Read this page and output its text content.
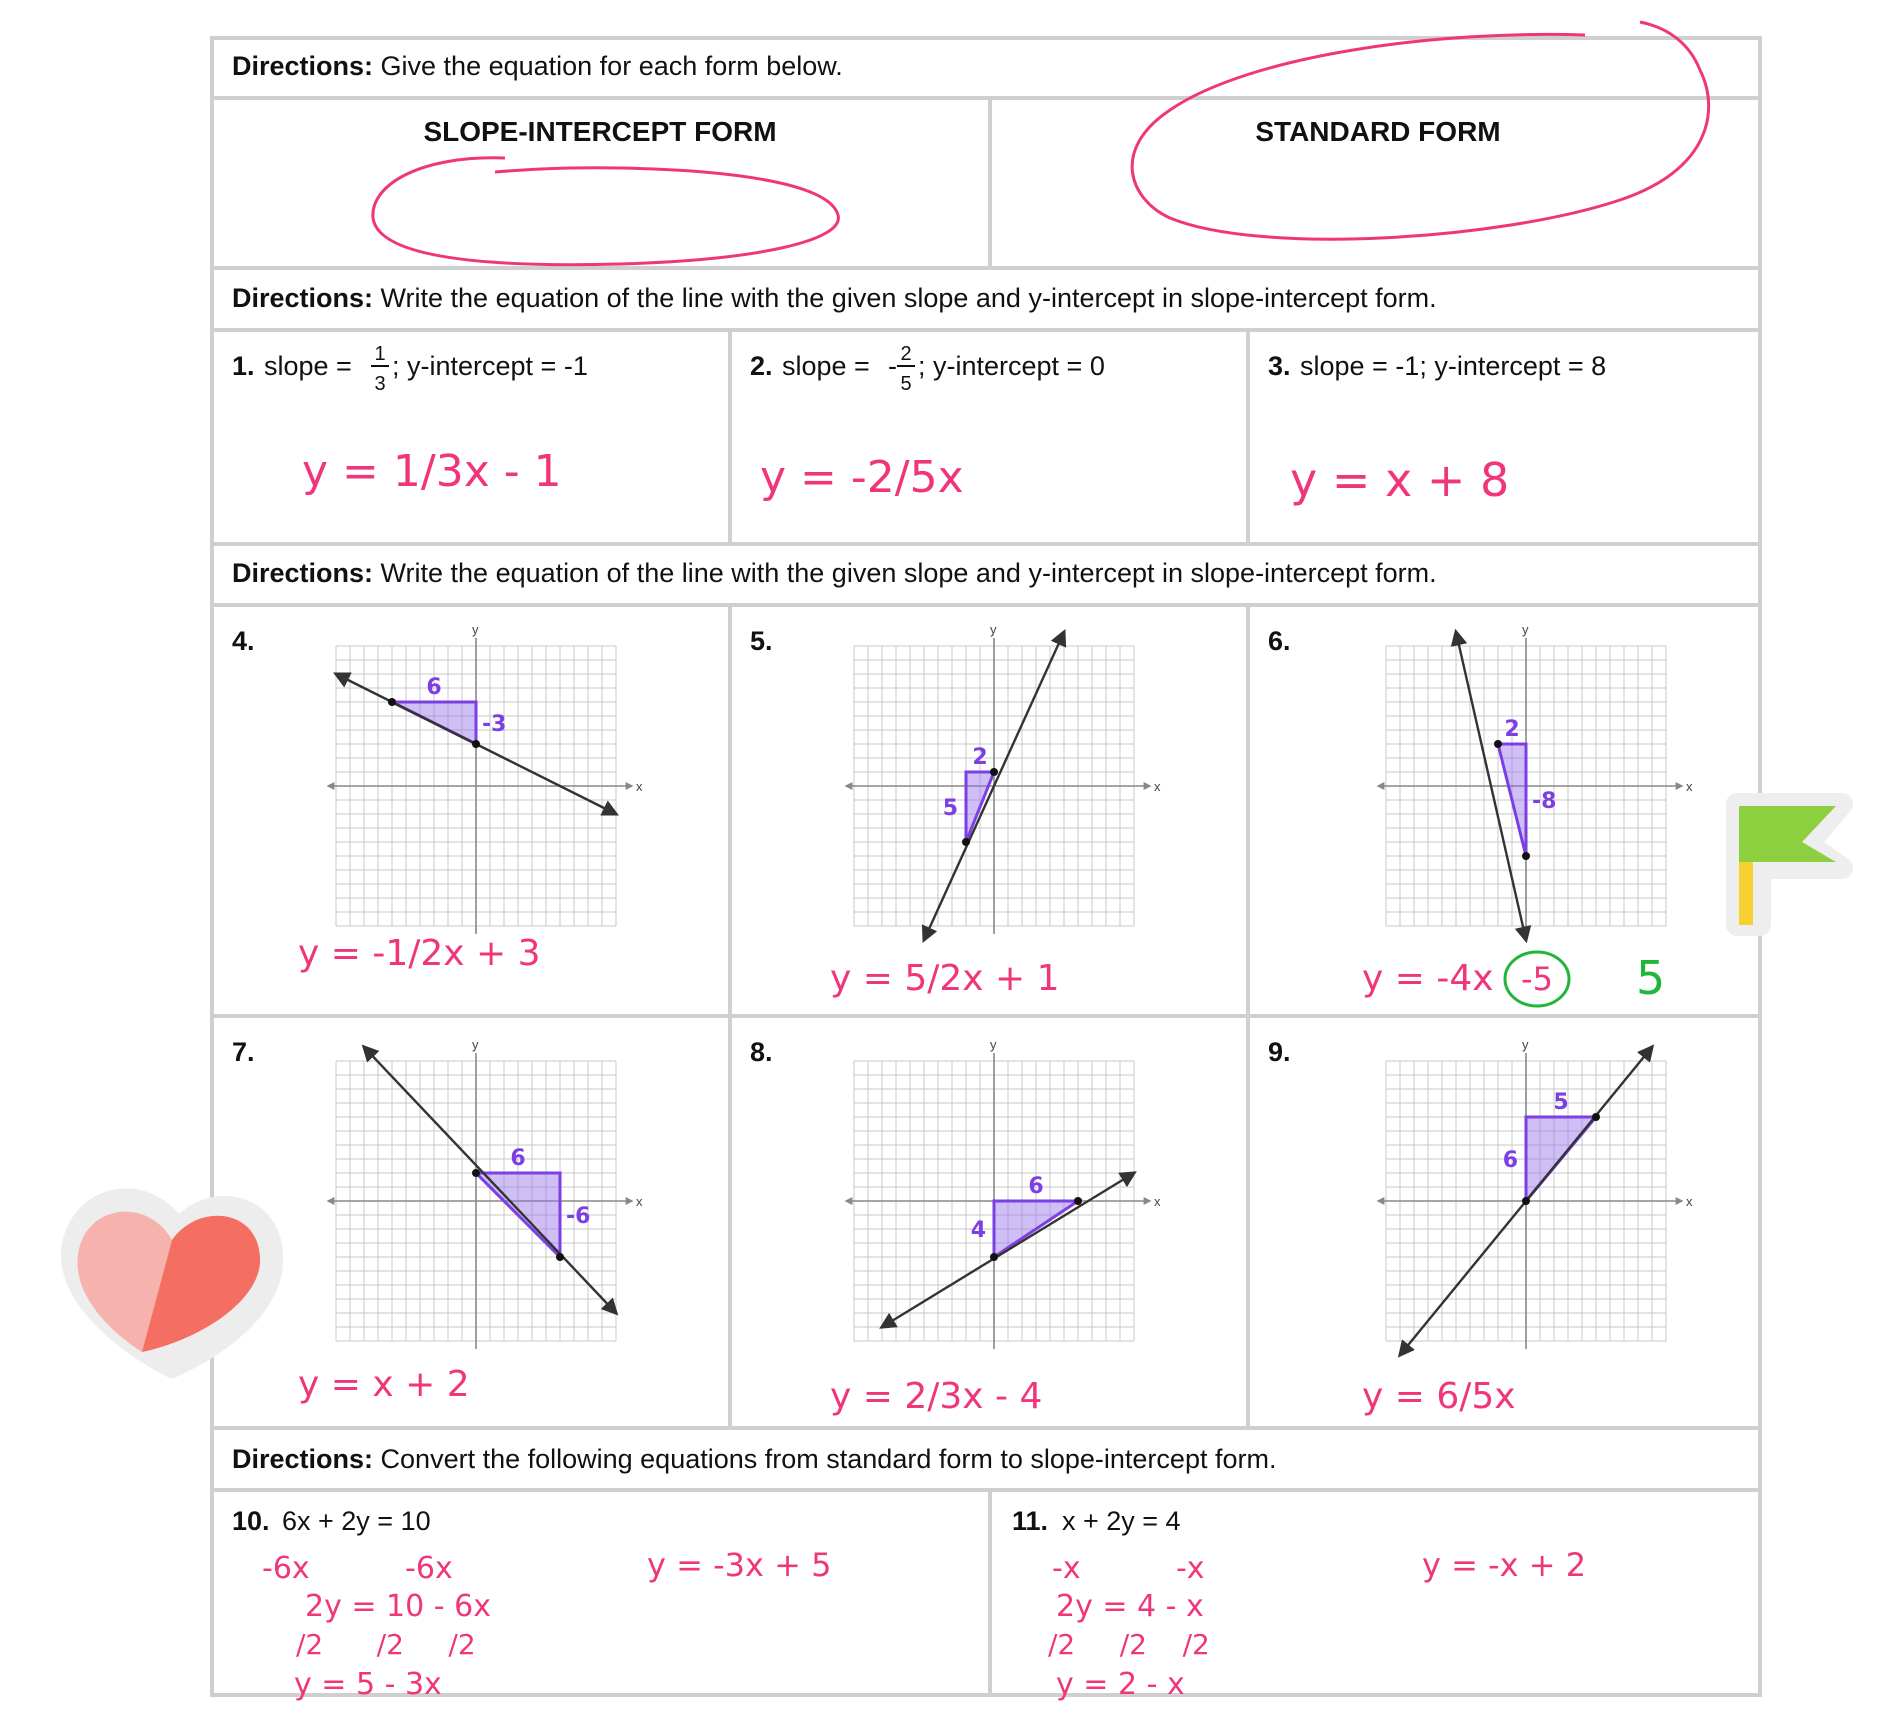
Directions: Give the equation for each form below.
SLOPE-INTERCEPT FORM	STANDARD FORM
Directions: Write the equation of the line with the given slope and y-intercept in slope-intercept form.
1. slope = 1
3
; y-intercept = -1
y = 1/3x - 1
2. slope = - 2
5
; y-intercept = 0
y = -2/5x
3. slope = -1; y-intercept = 8
y = x + 8
Directions: Write the equation of the line with the given slope and y-intercept in slope-intercept form.
4.
x
y
6
-3
y = -1/2x + 3
5.
x
y
2
5
y = 5/2x + 1
6.
x
y
2
-8
y = -4x -5 5
7.
x
y
6
-6
y = x + 2
8.
x
y
6
4
y = 2/3x - 4
9.
x
y
5
6
y = 6/5x
Directions: Convert the following equations from standard form to slope-intercept form.
10. 6x + 2y = 10
-6x          -6x
2y = 10 - 6x
/2      /2     /2
y = 5 - 3x
y = -3x + 5
11. x + 2y = 4
-x          -x
2y = 4 - x
/2     /2    /2
y = 2 - x
y = -x + 2
